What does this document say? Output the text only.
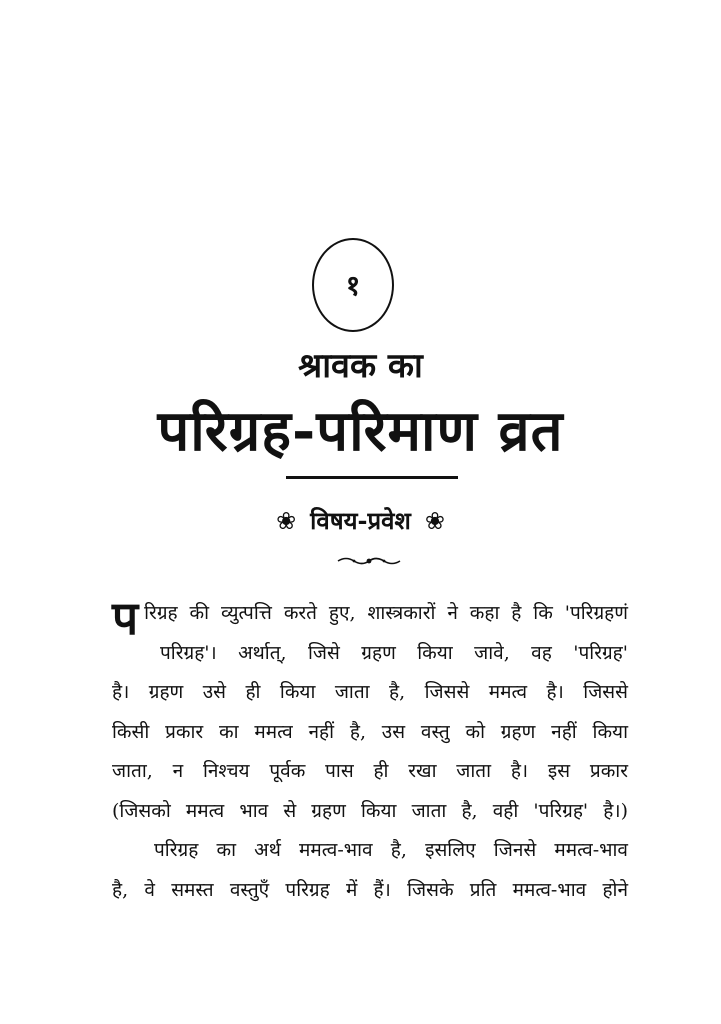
१
श्रावक का
परिग्रह-परिमाण व्रत
❀ विषय-प्रवेश ❀
प रिग्रह की व्युत्पत्ति करते हुए, शास्त्रकारों ने कहा है कि 'परिग्रहणं
परिग्रह'। अर्थात्, जिसे ग्रहण किया जावे, वह 'परिग्रह'
है। ग्रहण उसे ही किया जाता है, जिससे ममत्व है। जिससे
किसी प्रकार का ममत्व नहीं है, उस वस्तु को ग्रहण नहीं किया
जाता, न निश्चय पूर्वक पास ही रखा जाता है। इस प्रकार
(जिसको ममत्व भाव से ग्रहण किया जाता है, वही 'परिग्रह' है।)
परिग्रह का अर्थ ममत्व-भाव है, इसलिए जिनसे ममत्व-भाव
है, वे समस्त वस्तुएँ परिग्रह में हैं। जिसके प्रति ममत्व-भाव होने
